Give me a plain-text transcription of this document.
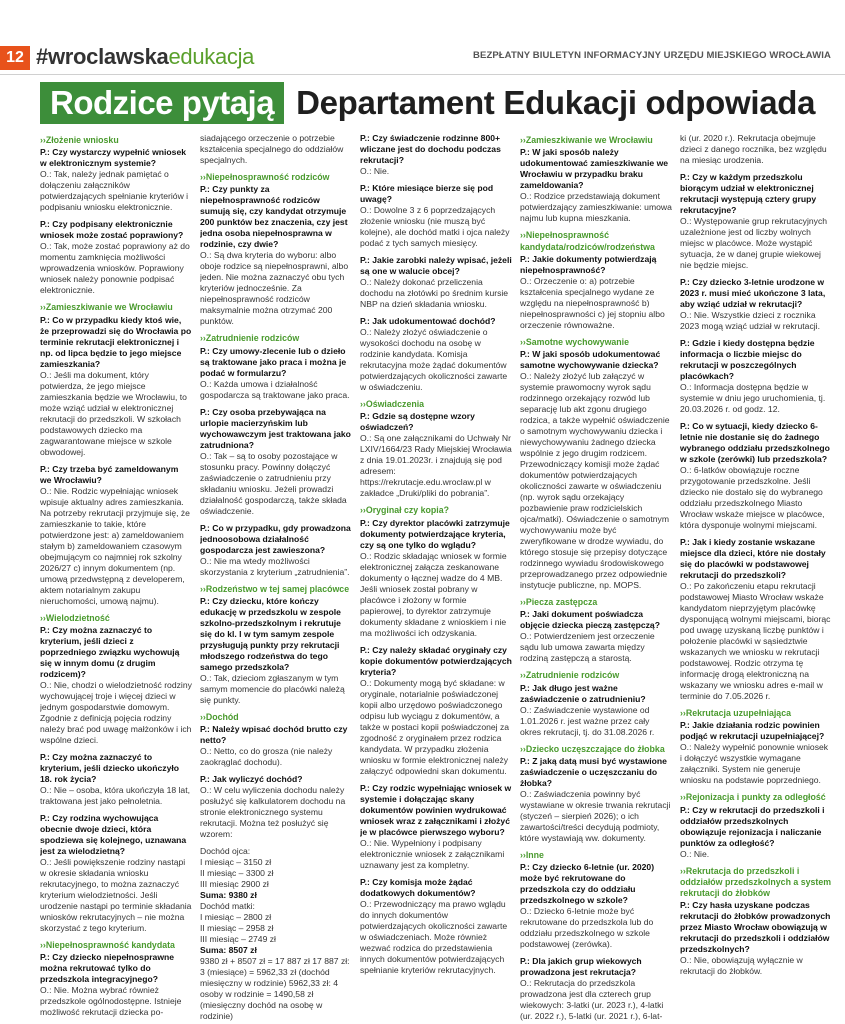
12 #wroclawskaedukacja	BEZPŁATNY BIULETYN INFORMACYJNY URZĘDU MIEJSKIEGO WROCŁAWIA
Rodzice pytają Departament Edukacji odpowiada
›› Złożenie wniosku
P.: Czy wystarczy wypełnić wniosek w elektronicznym systemie?
O.: Tak, należy jednak pamiętać o dołączeniu załączników potwierdzających spełnianie kryteriów i podpisaniu wniosku elektronicznie.
P.: Czy podpisany elektronicznie wniosek może zostać poprawiony?
O.: Tak, może zostać poprawiony aż do momentu zamknięcia możliwości wprowadzenia wniosków. Poprawiony wniosek należy ponownie podpisać elektronicznie.
›› Zamieszkiwanie we Wrocławiu
P.: Co w przypadku kiedy ktoś wie, że przeprowadzi się do Wrocławia po terminie rekrutacji elektronicznej i np. od lipca będzie to jego miejsce zamieszkania?
O.: Jeśli ma dokument, który potwierdza, że jego miejsce zamieszkania będzie we Wrocławiu, to może wziąć udział w elektronicznej rekrutacji do przedszkoli. W szkołach podstawowych dziecko ma zagwarantowane miejsce w szkole obwodowej.
P.: Czy trzeba być zameldowanym we Wrocławiu?
O.: Nie. Rodzic wypełniając wniosek wpisuje aktualny adres zamieszkania. Na potrzeby rekrutacji przyjmuje się, że zamieszkanie to takie, które potwierdzone jest: a) zameldowaniem stałym b) zameldowaniem czasowym obejmującym co najmniej rok szkolny 2026/27 c) innym dokumentem (np. umową przedwstępną z developerem, aktem notarialnym zakupu nieruchomości, umową najmu).
›› Wielodzietność
P.: Czy można zaznaczyć to kryterium, jeśli dzieci z poprzedniego związku wychowują się w innym domu (z drugim rodzicem)?
O.: Nie, chodzi o wielodzietność rodziny wychowującej troje i więcej dzieci w jednym gospodarstwie domowym. Zgodnie z definicją pojęcia rodziny należy brać pod uwagę małżonków i ich wspólne dzieci.
P.: Czy można zaznaczyć to kryterium, jeśli dziecko ukończyło 18. rok życia?
O.: Nie – osoba, która ukończyła 18 lat, traktowana jest jako pełnoletnia.
P.: Czy rodzina wychowująca obecnie dwoje dzieci, która spodziewa się kolejnego, uznawana jest za wielodzietną?
O.: Jeśli powiększenie rodziny nastąpi w okresie składania wniosku rekrutacyjnego, to można zaznaczyć kryterium wielodzietności. Jeśli urodzenie nastąpi po terminie składania wniosków rekrutacyjnych – nie można skorzystać z tego kryterium.
›› Niepełnosprawność kandydata
P.: Czy dziecko niepełnosprawne można rekrutować tylko do przedszkola integracyjnego?
O.: Nie. Można wybrać również przedszkole ogólnodostępne. Istnieje możliwość rekrutacji dziecka po-
siadającego orzeczenie o potrzebie kształcenia specjalnego do oddziałów specjalnych.
›› Niepełnosprawność rodziców
P.: Czy punkty za niepełnosprawność rodziców sumują się, czy kandydat otrzymuje 200 punktów bez znaczenia, czy jest jedna osoba niepełnosprawna w rodzinie, czy dwie?
O.: Są dwa kryteria do wyboru: albo oboje rodzice są niepełnosprawni, albo jeden. Nie można zaznaczyć obu tych kryteriów jednocześnie. Za niepełnosprawność rodziców maksymalnie można otrzymać 200 punktów.
›› Zatrudnienie rodziców
P.: Czy umowy-zlecenie lub o dzieło są traktowane jako praca i można je podać w formularzu?
O.: Każda umowa i działalność gospodarcza są traktowane jako praca.
P.: Czy osoba przebywająca na urlopie macierzyńskim lub wychowawczym jest traktowana jako zatrudniona?
O.: Tak – są to osoby pozostające w stosunku pracy. Powinny dołączyć zaświadczenie o zatrudnieniu przy składaniu wniosku. Jeżeli prowadzi działalność gospodarczą, także składa oświadczenie.
P.: Co w przypadku, gdy prowadzona jednoosobowa działalność gospodarcza jest zawieszona?
O.: Nie ma wtedy możliwości skorzystania z kryterium „zatrudnienia”.
›› Rodzeństwo w tej samej placówce
P.: Czy dziecku, które kończy edukację w przedszkolu w zespole szkolno-przedszkolnym i rekrutuje się do kl. I w tym samym zespole przysługują punkty przy rekrutacji młodszego rodzeństwa do tego samego przedszkola?
O.: Tak, dzieciom zgłaszanym w tym samym momencie do placówki należą się punkty.
›› Dochód
P.: Należy wpisać dochód brutto czy netto?
O.: Netto, co do grosza (nie należy zaokrąglać dochodu).
P.: Jak wyliczyć dochód?
O.: W celu wyliczenia dochodu należy posłużyć się kalkulatorem dochodu na stronie elektronicznego systemu rekrutacji. Można też posłużyć się wzorem:
Dochód ojca:
I miesiąc – 3150 zł
II miesiąc – 3300 zł
III miesiąc 2900 zł
Suma: 9380 zł
Dochód matki:
I miesiąc – 2800 zł
II miesiąc – 2958 zł
III miesiąc – 2749 zł
Suma: 8507 zł
9380 zł + 8507 zł = 17 887 zł 17 887 zł: 3 (miesiące) = 5962,33 zł (dochód miesięczny w rodzinie) 5962,33 zł: 4 osoby w rodzinie = 1490,58 zł (miesięczny dochód na osobę w rodzinie)
P.: Czy świadczenie rodzinne 800+ wliczane jest do dochodu podczas rekrutacji?
O.: Nie.
P.: Które miesiące bierze się pod uwagę?
O.: Dowolne 3 z 6 poprzedzających złożenie wniosku (nie muszą być kolejne), ale dochód matki i ojca należy podać z tych samych miesięcy.
P.: Jakie zarobki należy wpisać, jeżeli są one w walucie obcej?
O.: Należy dokonać przeliczenia dochodu na złotówki po średnim kursie NBP na dzień składania wniosku.
P.: Jak udokumentować dochód?
O.: Należy złożyć oświadczenie o wysokości dochodu na osobę w rodzinie kandydata. Komisja rekrutacyjna może żądać dokumentów potwierdzających okoliczności zawarte w oświadczeniu.
›› Oświadczenia
P.: Gdzie są dostępne wzory oświadczeń?
O.: Są one załącznikami do Uchwały Nr LXIV/1664/23 Rady Miejskiej Wrocławia z dnia 19.01.2023r. i znajdują się pod adresem: https://rekrutacje.edu.wroclaw.pl w zakładce „Druki/pliki do pobrania”.
›› Oryginał czy kopia?
P.: Czy dyrektor placówki zatrzymuje dokumenty potwierdzające kryteria, czy są one tylko do wglądu?
O.: Rodzic składając wniosek w formie elektronicznej załącza zeskanowane dokumenty o łącznej wadze do 4 MB. Jeśli wniosek został pobrany w placówce i złożony w formie papierowej, to dyrektor zatrzymuje dokumenty składane z wnioskiem i nie ma możliwości ich odzyskania.
P.: Czy należy składać oryginały czy kopie dokumentów potwierdzających kryteria?
O.: Dokumenty mogą być składane: w oryginale, notarialnie poświadczonej kopii albo urzędowo poświadczonego odpisu lub wyciągu z dokumentów, a także w postaci kopii poświadczonej za zgodność z oryginałem przez rodzica kandydata. W przypadku złożenia wniosku w formie elektronicznej należy załączyć odpowiedni skan dokumentu.
P.: Czy rodzic wypełniając wniosek w systemie i dołączając skany dokumentów powinien wydrukować wniosek wraz z załącznikami i złożyć je w placówce pierwszego wyboru?
O.: Nie. Wypełniony i podpisany elektronicznie wniosek z załącznikami uznawany jest za kompletny.
P.: Czy komisja może żądać dodatkowych dokumentów?
O.: Przewodniczący ma prawo wglądu do innych dokumentów potwierdzających okoliczności zawarte w oświadczeniach. Może również wezwać rodzica do przedstawienia innych dokumentów potwierdzających spełnianie kryteriów rekrutacyjnych.
›› Zamieszkiwanie we Wrocławiu
P.: W jaki sposób należy udokumentować zamieszkiwanie we Wrocławiu w przypadku braku zameldowania?
O.: Rodzice przedstawiają dokument potwierdzający zamieszkiwanie: umowa najmu lub kupna mieszkania.
›› Niepełnosprawność kandydata/rodziców/rodzeństwa
P.: Jakie dokumenty potwierdzają niepełnosprawność?
O.: Orzeczenie o: a) potrzebie kształcenia specjalnego wydane ze względu na niepełnosprawność b) niepełnosprawności c) jej stopniu albo orzeczenie równoważne.
›› Samotne wychowywanie
P.: W jaki sposób udokumentować samotne wychowywanie dziecka?
O.: Należy złożyć lub załączyć w systemie prawomocny wyrok sądu rodzinnego orzekający rozwód lub separację lub akt zgonu drugiego rodzica, a także wypełnić oświadczenie o samotnym wychowywaniu dziecka i niewychowywaniu żadnego dziecka wspólnie z jego drugim rodzicem. Przewodniczący komisji może żądać dokumentów potwierdzających okoliczności zawarte w oświadczeniu (np. wyrok sądu orzekający pozbawienie praw rodzicielskich ojca/matki). Oświadczenie o samotnym wychowywaniu może być zweryfikowane w drodze wywiadu, do którego stosuje się przepisy dotyczące rodzinnego wywiadu środowiskowego przeprowadzanego przez odpowiednie instytucje publiczne, np. MOPS.
›› Piecza zastępcza
P.: Jaki dokument poświadcza objęcie dziecka pieczą zastępczą?
O.: Potwierdzeniem jest orzeczenie sądu lub umowa zawarta między rodziną zastępczą a starostą.
›› Zatrudnienie rodziców
P.: Jak długo jest ważne zaświadczenie o zatrudnieniu?
O.: Zaświadczenie wystawione od 1.01.2026 r. jest ważne przez cały okres rekrutacji, tj. do 31.08.2026 r.
›› Dziecko uczęszczające do żłobka
P.: Z jaką datą musi być wystawione zaświadczenie o uczęszczaniu do żłobka?
O.: Zaświadczenia powinny być wystawiane w okresie trwania rekrutacji (styczeń – sierpień 2026); o ich zawartości/treści decydują podmioty, które wystawiają ww. dokumenty.
›› Inne
P.: Czy dziecko 6-letnie (ur. 2020) może być rekrutowane do przedszkola czy do oddziału przedszkolnego w szkole?
O.: Dziecko 6-letnie może być rekrutowane do przedszkola lub do oddziału przedszkolnego w szkole podstawowej (zerówka).
P.: Dla jakich grup wiekowych prowadzona jest rekrutacja?
O.: Rekrutacja do przedszkola prowadzona jest dla czterech grup wiekowych: 3-latki (ur. 2023 r.), 4-latki (ur. 2022 r.), 5-latki (ur. 2021 r.), 6-lat-
ki (ur. 2020 r.). Rekrutacja obejmuje dzieci z danego rocznika, bez względu na miesiąc urodzenia.
P.: Czy w każdym przedszkolu biorącym udział w elektronicznej rekrutacji występują cztery grupy rekrutacyjne?
O.: Występowanie grup rekrutacyjnych uzależnione jest od liczby wolnych miejsc w placówce. Może wystąpić sytuacja, że w danej grupie wiekowej nie będzie miejsc.
P.: Czy dziecko 3-letnie urodzone w 2023 r. musi mieć ukończone 3 lata, aby wziąć udział w rekrutacji?
O.: Nie. Wszystkie dzieci z rocznika 2023 mogą wziąć udział w rekrutacji.
P.: Gdzie i kiedy dostępna będzie informacja o liczbie miejsc do rekrutacji w poszczególnych placówkach?
O.: Informacja dostępna będzie w systemie w dniu jego uruchomienia, tj. 20.03.2026 r. od godz. 12.
P.: Co w sytuacji, kiedy dziecko 6-letnie nie dostanie się do żadnego wybranego oddziału przedszkolnego w szkole (zerówki) lub przedszkola?
O.: 6-latków obowiązuje roczne przygotowanie przedszkolne. Jeśli dziecko nie dostało się do wybranego oddziału przedszkolnego Miasto Wrocław wskaże miejsce w placówce, która dysponuje wolnymi miejscami.
P.: Jak i kiedy zostanie wskazane miejsce dla dzieci, które nie dostały się do placówki w podstawowej rekrutacji do przedszkoli?
O.: Po zakończeniu etapu rekrutacji podstawowej Miasto Wrocław wskaże kandydatom nieprzyjętym placówkę dysponującą wolnymi miejscami, biorąc pod uwagę uzyskaną liczbę punktów i położenie placówki w sąsiedztwie wskazanych we wniosku w rekrutacji podstawowej. Rodzic otrzyma tę informację drogą elektroniczną na wskazany we wniosku adres e-mail w terminie do 7.05.2026 r.
›› Rekrutacja uzupełniająca
P.: Jakie działania rodzic powinien podjąć w rekrutacji uzupełniającej?
O.: Należy wypełnić ponownie wniosek i dołączyć wszystkie wymagane załączniki. System nie generuje wniosku na podstawie poprzedniego.
›› Rejonizacja i punkty za odległość
P.: Czy w rekrutacji do przedszkoli i oddziałów przedszkolnych obowiązuje rejonizacja i naliczanie punktów za odległość?
O.: Nie.
›› Rekrutacja do przedszkoli i oddziałów przedszkolnych a system rekrutacji do żłobków
P.: Czy hasła uzyskane podczas rekrutacji do żłobków prowadzonych przez Miasto Wrocław obowiązują w rekrutacji do przedszkoli i oddziałów przedszkolnych?
O.: Nie, obowiązują wyłącznie w rekrutacji do żłobków.
